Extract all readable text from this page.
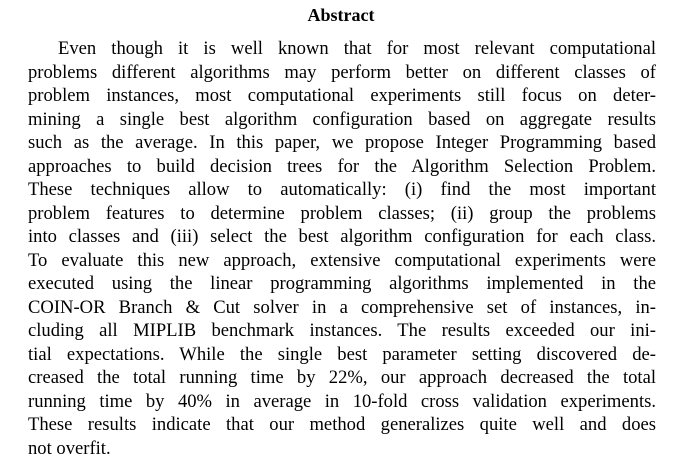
Abstract
Even though it is well known that for most relevant computational
problems different algorithms may perform better on different classes of
problem instances, most computational experiments still focus on deter-
mining a single best algorithm configuration based on aggregate results
such as the average. In this paper, we propose Integer Programming based
approaches to build decision trees for the Algorithm Selection Problem.
These techniques allow to automatically: (i) find the most important
problem features to determine problem classes; (ii) group the problems
into classes and (iii) select the best algorithm configuration for each class.
To evaluate this new approach, extensive computational experiments were
executed using the linear programming algorithms implemented in the
COIN-OR Branch & Cut solver in a comprehensive set of instances, in-
cluding all MIPLIB benchmark instances. The results exceeded our ini-
tial expectations. While the single best parameter setting discovered de-
creased the total running time by 22%, our approach decreased the total
running time by 40% in average in 10-fold cross validation experiments.
These results indicate that our method generalizes quite well and does
not overfit.
